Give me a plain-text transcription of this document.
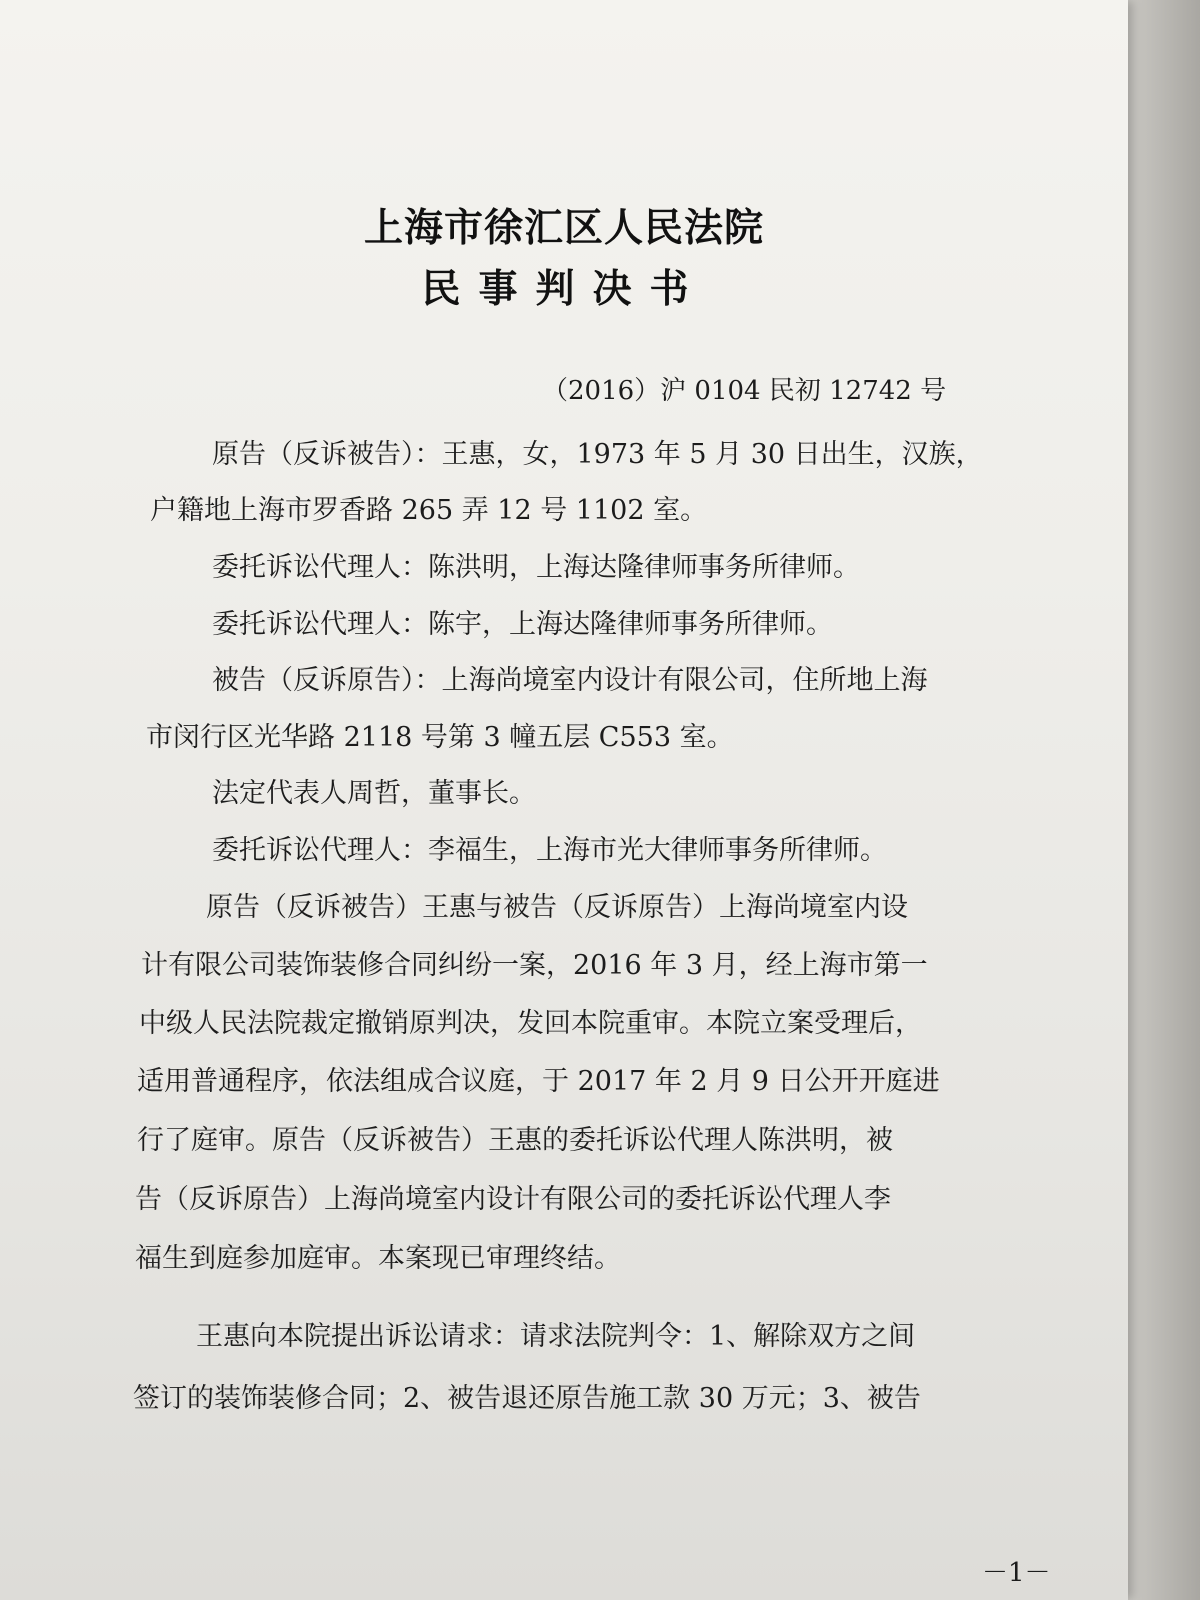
上海市徐汇区人民法院
民事判决书
（2016）沪 0104 民初 12742 号
原告（反诉被告）：王惠，女，1973 年 5 月 30 日出生，汉族，
户籍地上海市罗香路 265 弄 12 号 1102 室。
委托诉讼代理人：陈洪明，上海达隆律师事务所律师。
委托诉讼代理人：陈宇，上海达隆律师事务所律师。
被告（反诉原告）：上海尚境室内设计有限公司，住所地上海
市闵行区光华路 2118 号第 3 幢五层 C553 室。
法定代表人周哲，董事长。
委托诉讼代理人：李福生，上海市光大律师事务所律师。
原告（反诉被告）王惠与被告（反诉原告）上海尚境室内设
计有限公司装饰装修合同纠纷一案，2016 年 3 月，经上海市第一
中级人民法院裁定撤销原判决，发回本院重审。本院立案受理后，
适用普通程序，依法组成合议庭，于 2017 年 2 月 9 日公开开庭进
行了庭审。原告（反诉被告）王惠的委托诉讼代理人陈洪明，被
告（反诉原告）上海尚境室内设计有限公司的委托诉讼代理人李
福生到庭参加庭审。本案现已审理终结。
王惠向本院提出诉讼请求：请求法院判令：1、解除双方之间
签订的装饰装修合同；2、被告退还原告施工款 30 万元；3、被告
－1－
